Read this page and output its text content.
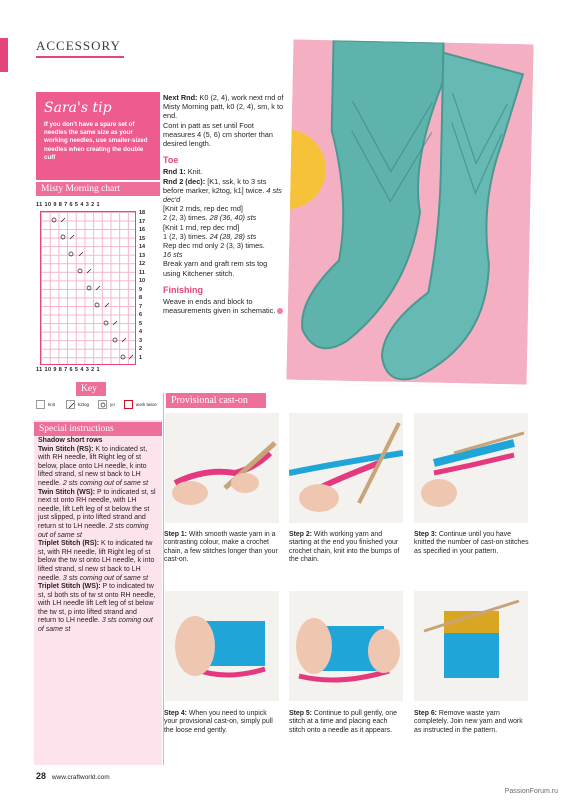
ACCESSORY
Sara's tip
If you don't have a spare set of needles the same size as your working needles, use smaller-sized needles when creating the double cuff
Misty Morning chart
11 10 9 8 7 6 5 4 3 2 1
18
17
16
15
14
13
12
11
10
9
8
7
6
5
4
3
2
1
11 10 9 8 7 6 5 4 3 2 1
Key
knit	k2tog	yo	work twice
Special instructions
Shadow short rows
Twin Stitch (RS): K to indicated st, with RH needle, lift Right leg of st below, place onto LH needle, k into lifted strand, sl new st back to LH needle. 2 sts coming out of same st
Twin Stitch (WS): P to indicated st, sl next st onto RH needle, with LH needle, lift Left leg of st below the st just slipped, p into lifted strand and return st to LH needle. 2 sts coming out of same st
Triplet Stitch (RS): K to indicated tw st, with RH needle, lift Right leg of st below the tw st onto LH needle, k into lifted strand, sl new st back to LH needle. 3 sts coming out of same st
Triplet Stitch (WS): P to indicated tw st, sl both sts of tw st onto RH needle, with LH needle lift Left leg of st below the tw st, p into lifted strand and return to LH needle. 3 sts coming out of same st
Next Rnd: K0 (2, 4), work next rnd of Misty Morning patt, k0 (2, 4), sm, k to end.
Cont in patt as set until Foot measures 4 (5, 6) cm shorter than desired length.
Toe
Rnd 1: Knit.
Rnd 2 (dec): [K1, ssk, k to 3 sts before marker, k2tog, k1] twice. 4 sts dec'd
[Knit 2 rnds, rep dec rnd]
2 (2, 3) times. 28 (36, 40) sts
[Knit 1 rnd, rep dec rnd]
1 (2, 3) times. 24 (28, 28) sts
Rep dec rnd only 2 (3, 3) times.
16 sts
Break yarn and graft rem sts tog using Kitchener stitch.
Finishing
Weave in ends and block to measurements given in schematic.
Provisional cast-on
Step 1: With smooth waste yarn in a contrasting colour, make a crochet chain, a few stitches longer than your cast-on.
Step 2: With working yarn and starting at the end you finished your crochet chain, knit into the bumps of the chain.
Step 3: Continue until you have knitted the number of cast-on stitches as specified in your pattern.
Step 4: When you need to unpick your provisional cast-on, simply pull the loose end gently.
Step 5: Continue to pull gently, one stitch at a time and placing each stitch onto a needle as it appears.
Step 6: Remove waste yarn completely. Join new yarn and work as instructed in the pattern.
28 www.craftworld.com
PassionForum.ru
